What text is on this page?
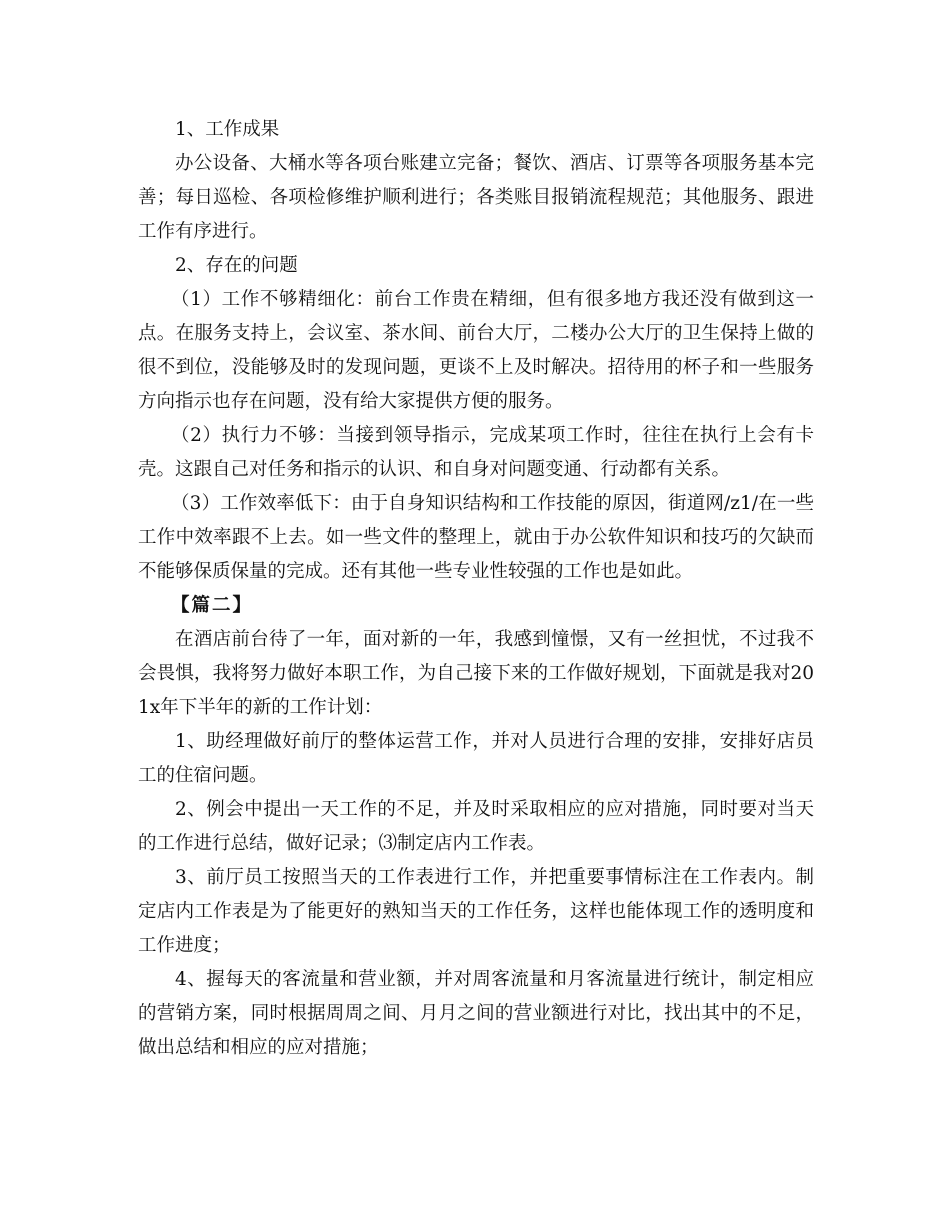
1、工作成果

办公设备、大桶水等各项台账建立完备；餐饮、酒店、订票等各项服务基本完善；每日巡检、各项检修维护顺利进行；各类账目报销流程规范；其他服务、跟进工作有序进行。

2、存在的问题

（1）工作不够精细化：前台工作贵在精细，但有很多地方我还没有做到这一点。在服务支持上，会议室、茶水间、前台大厅，二楼办公大厅的卫生保持上做的很不到位，没能够及时的发现问题，更谈不上及时解决。招待用的杯子和一些服务方向指示也存在问题，没有给大家提供方便的服务。

（2）执行力不够：当接到领导指示，完成某项工作时，往往在执行上会有卡壳。这跟自己对任务和指示的认识、和自身对问题变通、行动都有关系。

（3）工作效率低下：由于自身知识结构和工作技能的原因，街道网/z1/在一些工作中效率跟不上去。如一些文件的整理上，就由于办公软件知识和技巧的欠缺而不能够保质保量的完成。还有其他一些专业性较强的工作也是如此。

【篇二】

在酒店前台待了一年，面对新的一年，我感到憧憬，又有一丝担忧，不过我不会畏惧，我将努力做好本职工作，为自己接下来的工作做好规划，下面就是我对201x年下半年的新的工作计划：

1、助经理做好前厅的整体运营工作，并对人员进行合理的安排，安排好店员工的住宿问题。

2、例会中提出一天工作的不足，并及时采取相应的应对措施，同时要对当天的工作进行总结，做好记录；⑶制定店内工作表。

3、前厅员工按照当天的工作表进行工作，并把重要事情标注在工作表内。制定店内工作表是为了能更好的熟知当天的工作任务，这样也能体现工作的透明度和工作进度；

4、握每天的客流量和营业额，并对周客流量和月客流量进行统计，制定相应的营销方案，同时根据周周之间、月月之间的营业额进行对比，找出其中的不足，做出总结和相应的应对措施；
